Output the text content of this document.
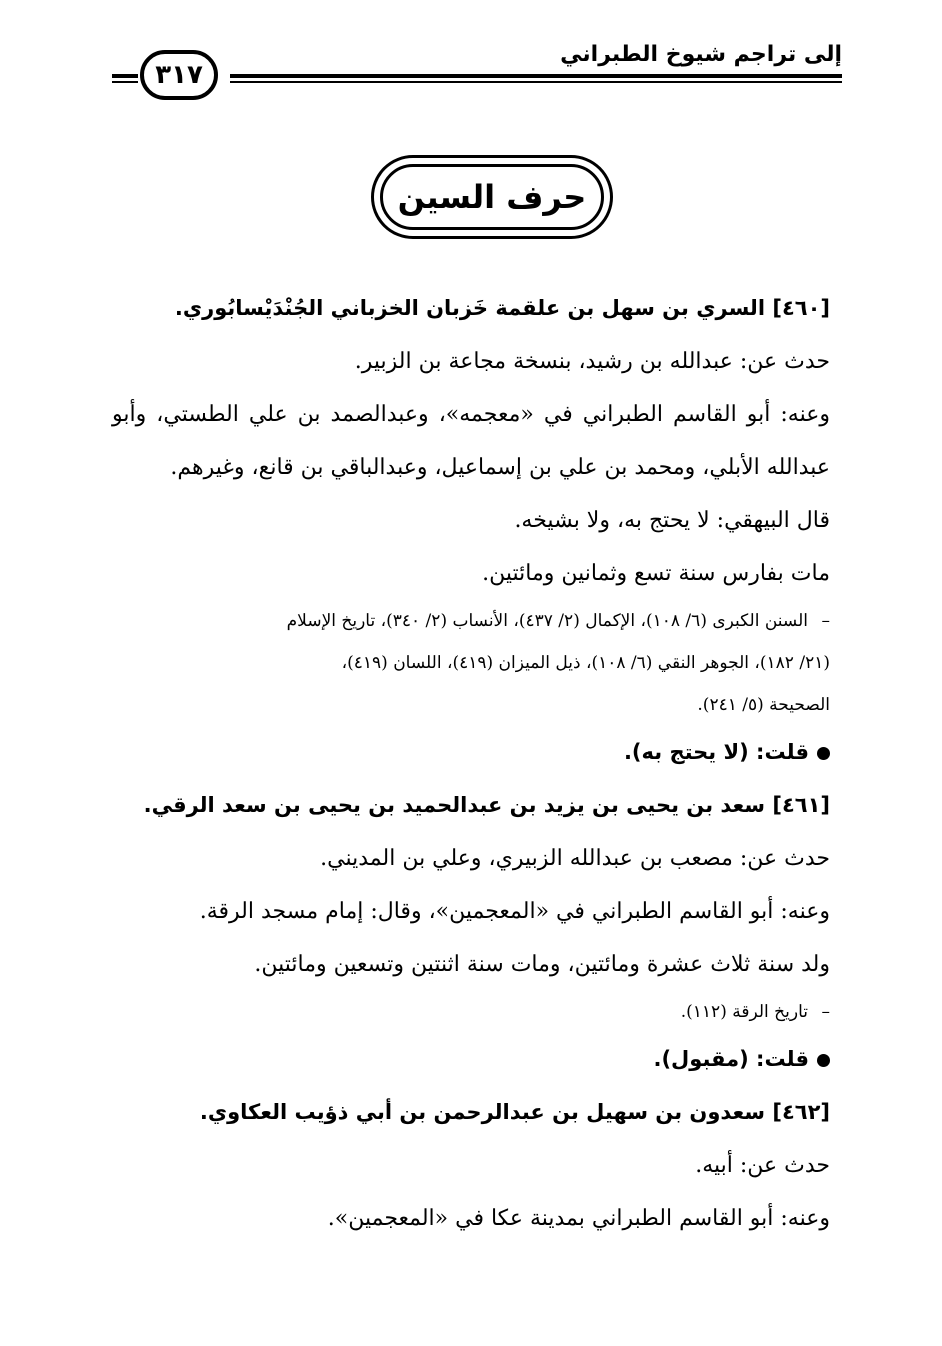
إلى تراجم شيوخ الطبراني
٣١٧
حرف السين
[٤٦٠] السري بن سهل بن علقمة خَزبان الخزباني الجُنْدَيْسابُوري.
حدث عن: عبدالله بن رشيد، بنسخة مجاعة بن الزبير.
وعنه: أبو القاسم الطبراني في «معجمه»، وعبدالصمد بن علي الطستي، وأبو
عبدالله الأبلي، ومحمد بن علي بن إسماعيل، وعبدالباقي بن قانع، وغيرهم.
قال البيهقي: لا يحتج به، ولا بشيخه.
مات بفارس سنة تسع وثمانين ومائتين.
–السنن الكبرى (٦/ ١٠٨)، الإكمال (٢/ ٤٣٧)، الأنساب (٢/ ٣٤٠)، تاريخ الإسلام
(٢١/ ١٨٢)، الجوهر النقي (٦/ ١٠٨)، ذيل الميزان (٤١٩)، اللسان (٤١٩)،
الصحيحة (٥/ ٢٤١).
قلت: (لا يحتج به).
[٤٦١] سعد بن يحيى بن يزيد بن عبدالحميد بن يحيى بن سعد الرقي.
حدث عن: مصعب بن عبدالله الزبيري، وعلي بن المديني.
وعنه: أبو القاسم الطبراني في «المعجمين»، وقال: إمام مسجد الرقة.
ولد سنة ثلاث عشرة ومائتين، ومات سنة اثنتين وتسعين ومائتين.
–تاريخ الرقة (١١٢).
قلت: (مقبول).
[٤٦٢] سعدون بن سهيل بن عبدالرحمن بن أبي ذؤيب العكاوي.
حدث عن: أبيه.
وعنه: أبو القاسم الطبراني بمدينة عكا في «المعجمين».
